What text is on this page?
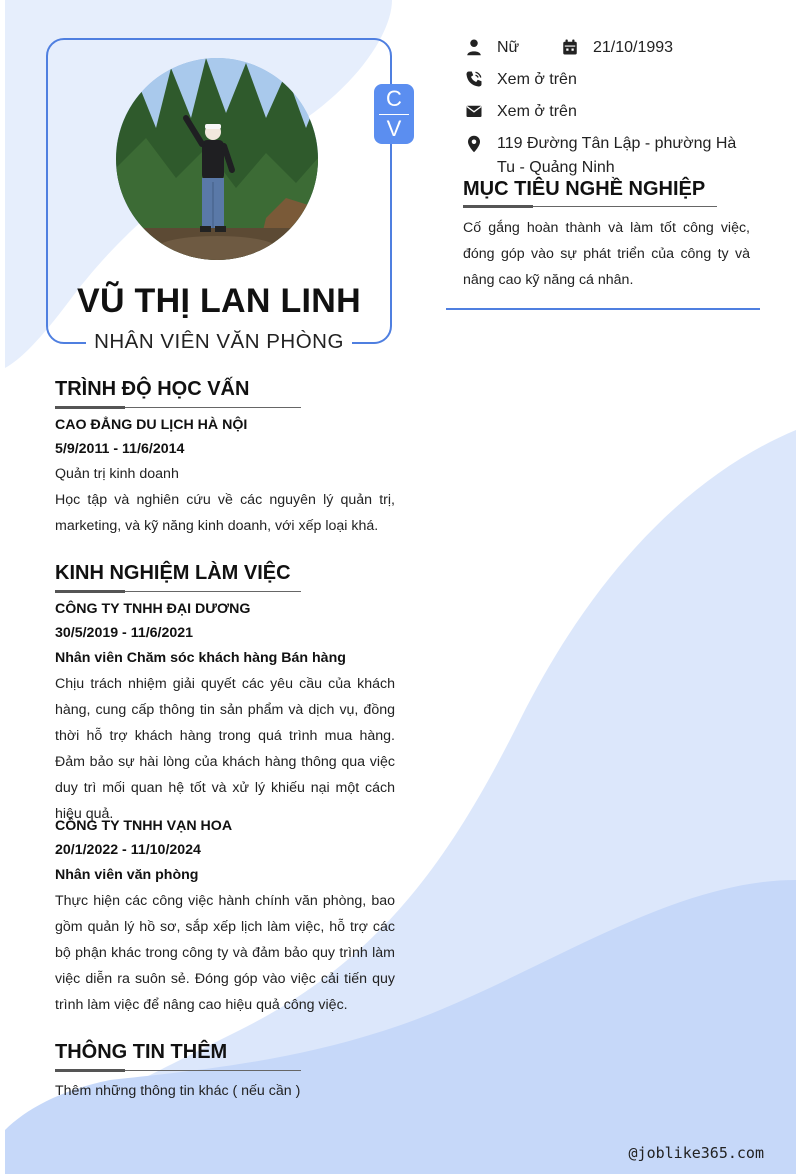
C
V
VŨ THỊ LAN LINH
NHÂN VIÊN VĂN PHÒNG
Nữ	21/10/1993
Xem ở trên
Xem ở trên
119 Đường Tân Lập - phường Hà
Tu - Quảng Ninh
MỤC TIÊU NGHỀ NGHIỆP
Cố gắng hoàn thành và làm tốt công việc, đóng góp vào sự phát triển của công ty và nâng cao kỹ năng cá nhân.
TRÌNH ĐỘ HỌC VẤN
CAO ĐẲNG DU LỊCH HÀ NỘI
5/9/2011 - 11/6/2014
Quản trị kinh doanh
Học tập và nghiên cứu về các nguyên lý quản trị, marketing, và kỹ năng kinh doanh, với xếp loại khá.
KINH NGHIỆM LÀM VIỆC
CÔNG TY TNHH ĐẠI DƯƠNG
30/5/2019 - 11/6/2021
Nhân viên Chăm sóc khách hàng Bán hàng
Chịu trách nhiệm giải quyết các yêu cầu của khách hàng, cung cấp thông tin sản phẩm và dịch vụ, đồng thời hỗ trợ khách hàng trong quá trình mua hàng. Đảm bảo sự hài lòng của khách hàng thông qua việc duy trì mối quan hệ tốt và xử lý khiếu nại một cách hiệu quả.
CÔNG TY TNHH VẠN HOA
20/1/2022 - 11/10/2024
Nhân viên văn phòng
Thực hiện các công việc hành chính văn phòng, bao gồm quản lý hồ sơ, sắp xếp lịch làm việc, hỗ trợ các bộ phận khác trong công ty và đảm bảo quy trình làm việc diễn ra suôn sẻ. Đóng góp vào việc cải tiến quy trình làm việc để nâng cao hiệu quả công việc.
THÔNG TIN THÊM
Thêm những thông tin khác ( nếu cần )
@joblike365.com
